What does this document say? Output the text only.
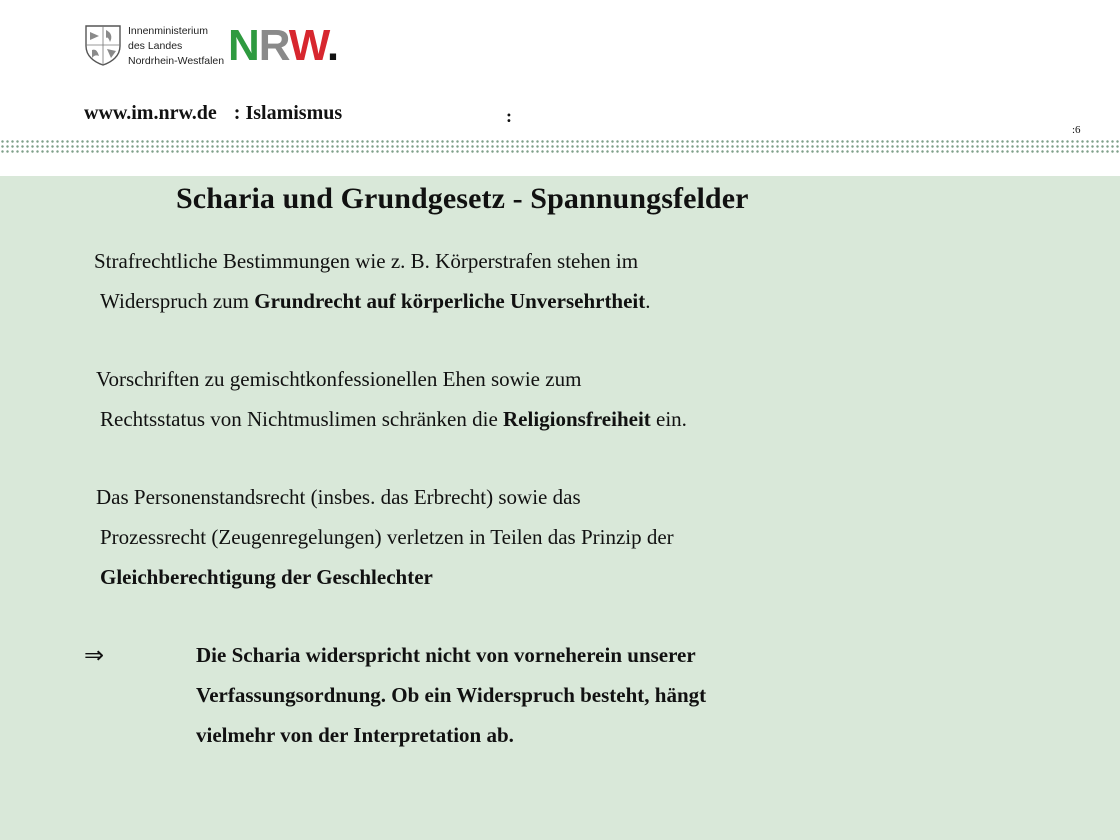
Innenministerium
des Landes
Nordrhein-Westfalen NRW.
www.im.nrw.de : Islamismus	:
:6
Scharia und Grundgesetz - Spannungsfelder
Strafrechtliche Bestimmungen wie z. B. Körperstrafen stehen im
Widerspruch zum Grundrecht auf körperliche Unversehrtheit.
Vorschriften zu gemischtkonfessionellen Ehen sowie zum
Rechtsstatus von Nichtmuslimen schränken die Religionsfreiheit ein.
Das Personenstandsrecht (insbes. das Erbrecht) sowie das
Prozessrecht (Zeugenregelungen) verletzen in Teilen das Prinzip der
Gleichberechtigung der Geschlechter
⇒	Die Scharia widerspricht nicht von vorneherein unserer
Verfassungsordnung. Ob ein Widerspruch besteht, hängt
vielmehr von der Interpretation ab.
